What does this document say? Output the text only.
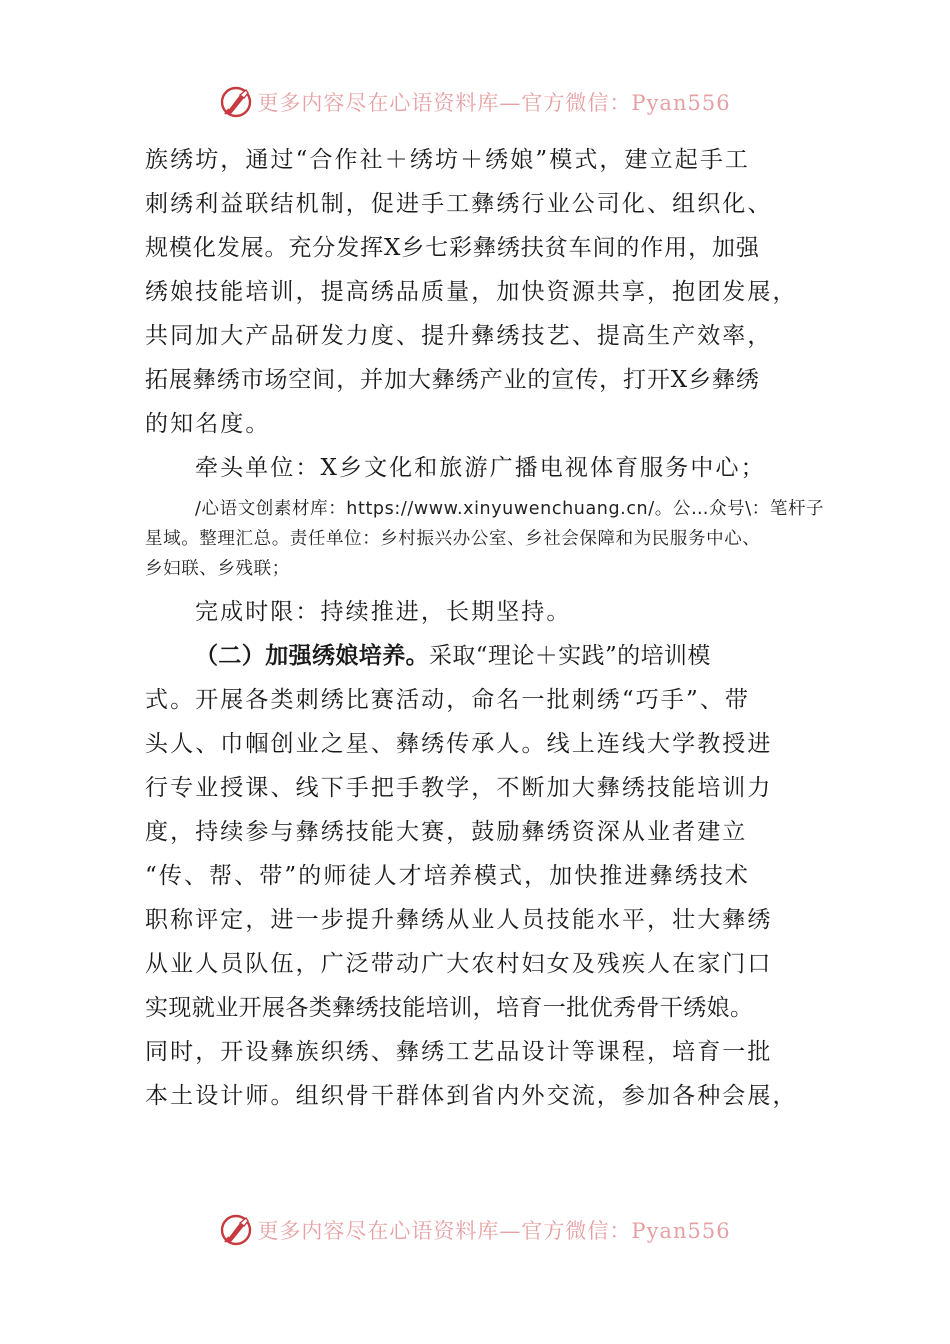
更多内容尽在心语资料库—官方微信：Pyan556
族绣坊，通过“合作社＋绣坊＋绣娘”模式，建立起手工
刺绣利益联结机制，促进手工彝绣行业公司化、组织化、
规模化发展。充分发挥X乡七彩彝绣扶贫车间的作用，加强
绣娘技能培训，提高绣品质量，加快资源共享，抱团发展，
共同加大产品研发力度、提升彝绣技艺、提高生产效率，
拓展彝绣市场空间，并加大彝绣产业的宣传，打开X乡彝绣
的知名度。
牵头单位：X乡文化和旅游广播电视体育服务中心；
/心语文创素材库：https://www.xinyuwenchuang.cn/。公…众号\：笔杆子
星域。整理汇总。责任单位：乡村振兴办公室、乡社会保障和为民服务中心、
乡妇联、乡残联；
完成时限：持续推进，长期坚持。
（二）加强绣娘培养。采取“理论＋实践”的培训模
式。开展各类刺绣比赛活动，命名一批刺绣“巧手”、带
头人、巾帼创业之星、彝绣传承人。线上连线大学教授进
行专业授课、线下手把手教学，不断加大彝绣技能培训力
度，持续参与彝绣技能大赛，鼓励彝绣资深从业者建立
“传、帮、带”的师徒人才培养模式，加快推进彝绣技术
职称评定，进一步提升彝绣从业人员技能水平，壮大彝绣
从业人员队伍，广泛带动广大农村妇女及残疾人在家门口
实现就业开展各类彝绣技能培训，培育一批优秀骨干绣娘。
同时，开设彝族织绣、彝绣工艺品设计等课程，培育一批
本土设计师。组织骨干群体到省内外交流，参加各种会展，
更多内容尽在心语资料库—官方微信：Pyan556
